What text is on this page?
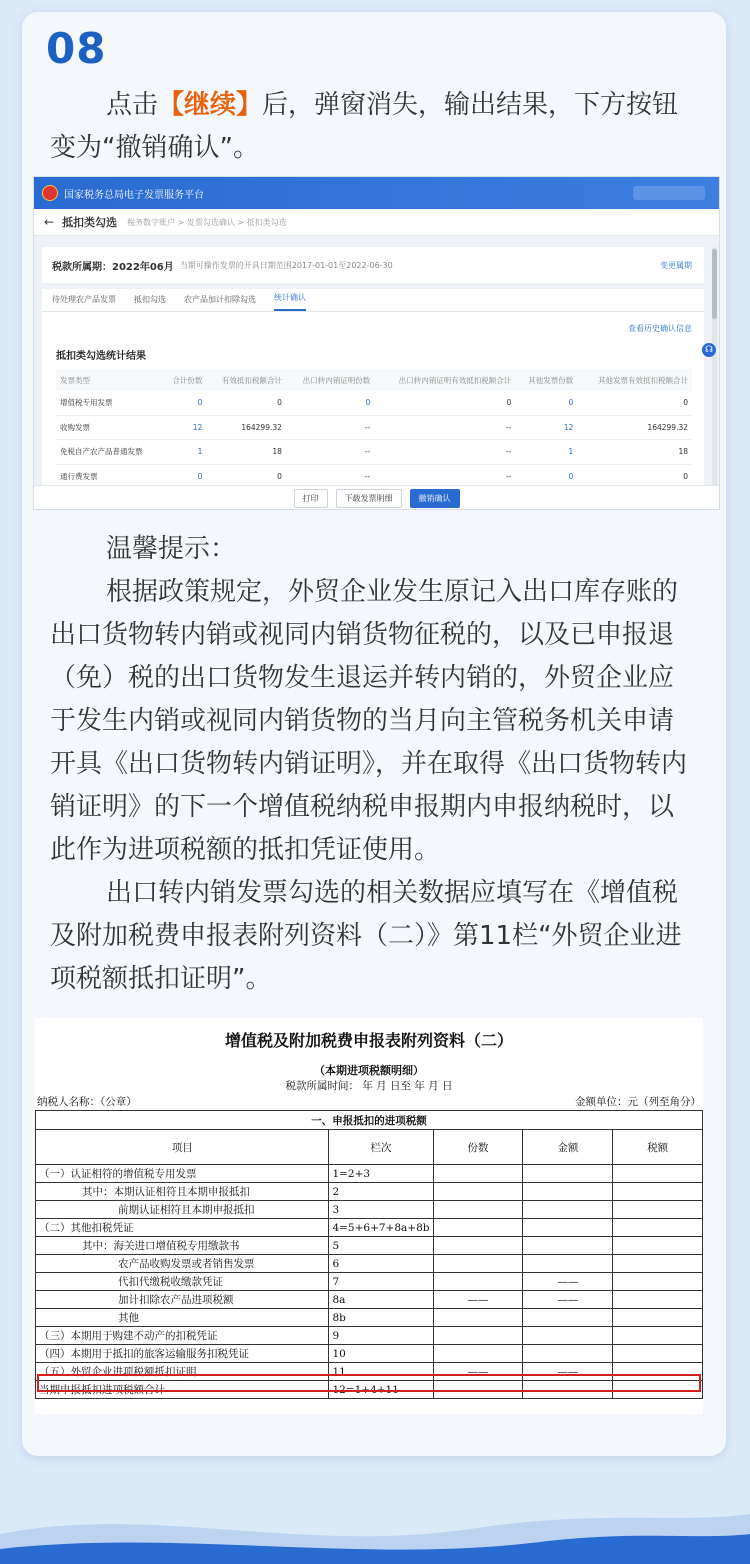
08
点击【继续】后，弹窗消失，输出结果，下方按钮变为“撤销确认”。
国家税务总局电子发票服务平台
← 抵扣类勾选 税务数字账户 > 发票勾选确认 > 抵扣类勾选
税款所属期：2022年06月 当期可操作发票的开具日期范围2017-01-01至2022-06-30	变更属期
待处理农产品发票 抵扣勾选 农产品加计扣除勾选 统计确认
查看历史确认信息
抵扣类勾选统计结果
发票类型	合计份数	有效抵扣税额合计	出口转内销证明份数	出口转内销证明有效抵扣税额合计	其他发票份数	其他发票有效抵扣税额合计
增值税专用发票	0	0	0	0	0	0
收购发票	12	164299.32	--	--	12	164299.32
免税自产农产品普通发票	1	18	--	--	1	18
通行费发票	0	0	--	--	0	0
☊
打印	下载发票明细	撤销确认
温馨提示：
根据政策规定，外贸企业发生原记入出口库存账的出口货物转内销或视同内销货物征税的，以及已申报退（免）税的出口货物发生退运并转内销的，外贸企业应于发生内销或视同内销货物的当月向主管税务机关申请开具《出口货物转内销证明》，并在取得《出口货物转内销证明》的下一个增值税纳税申报期内申报纳税时，以此作为进项税额的抵扣凭证使用。
出口转内销发票勾选的相关数据应填写在《增值税及附加税费申报表附列资料（二）》第11栏“外贸企业进项税额抵扣证明”。
增值税及附加税费申报表附列资料（二）
（本期进项税额明细）
税款所属时间： 年 月 日至 年 月 日
纳税人名称：（公章）	金额单位：元（列至角分）
一、申报抵扣的进项税额				
项目	栏次	份数	金额	税额
（一）认证相符的增值税专用发票	1=2+3			
其中：本期认证相符且本期申报抵扣	2			
前期认证相符且本期申报抵扣	3			
（二）其他扣税凭证	4=5+6+7+8a+8b			
其中：海关进口增值税专用缴款书	5			
农产品收购发票或者销售发票	6			
代扣代缴税收缴款凭证	7		——	
加计扣除农产品进项税额	8a	——	——	
其他	8b			
（三）本期用于购建不动产的扣税凭证	9			
（四）本期用于抵扣的旅客运输服务扣税凭证	10			
（五）外贸企业进项税额抵扣证明	11	——	——	
当期申报抵扣进项税额合计	12=1+4+11			
